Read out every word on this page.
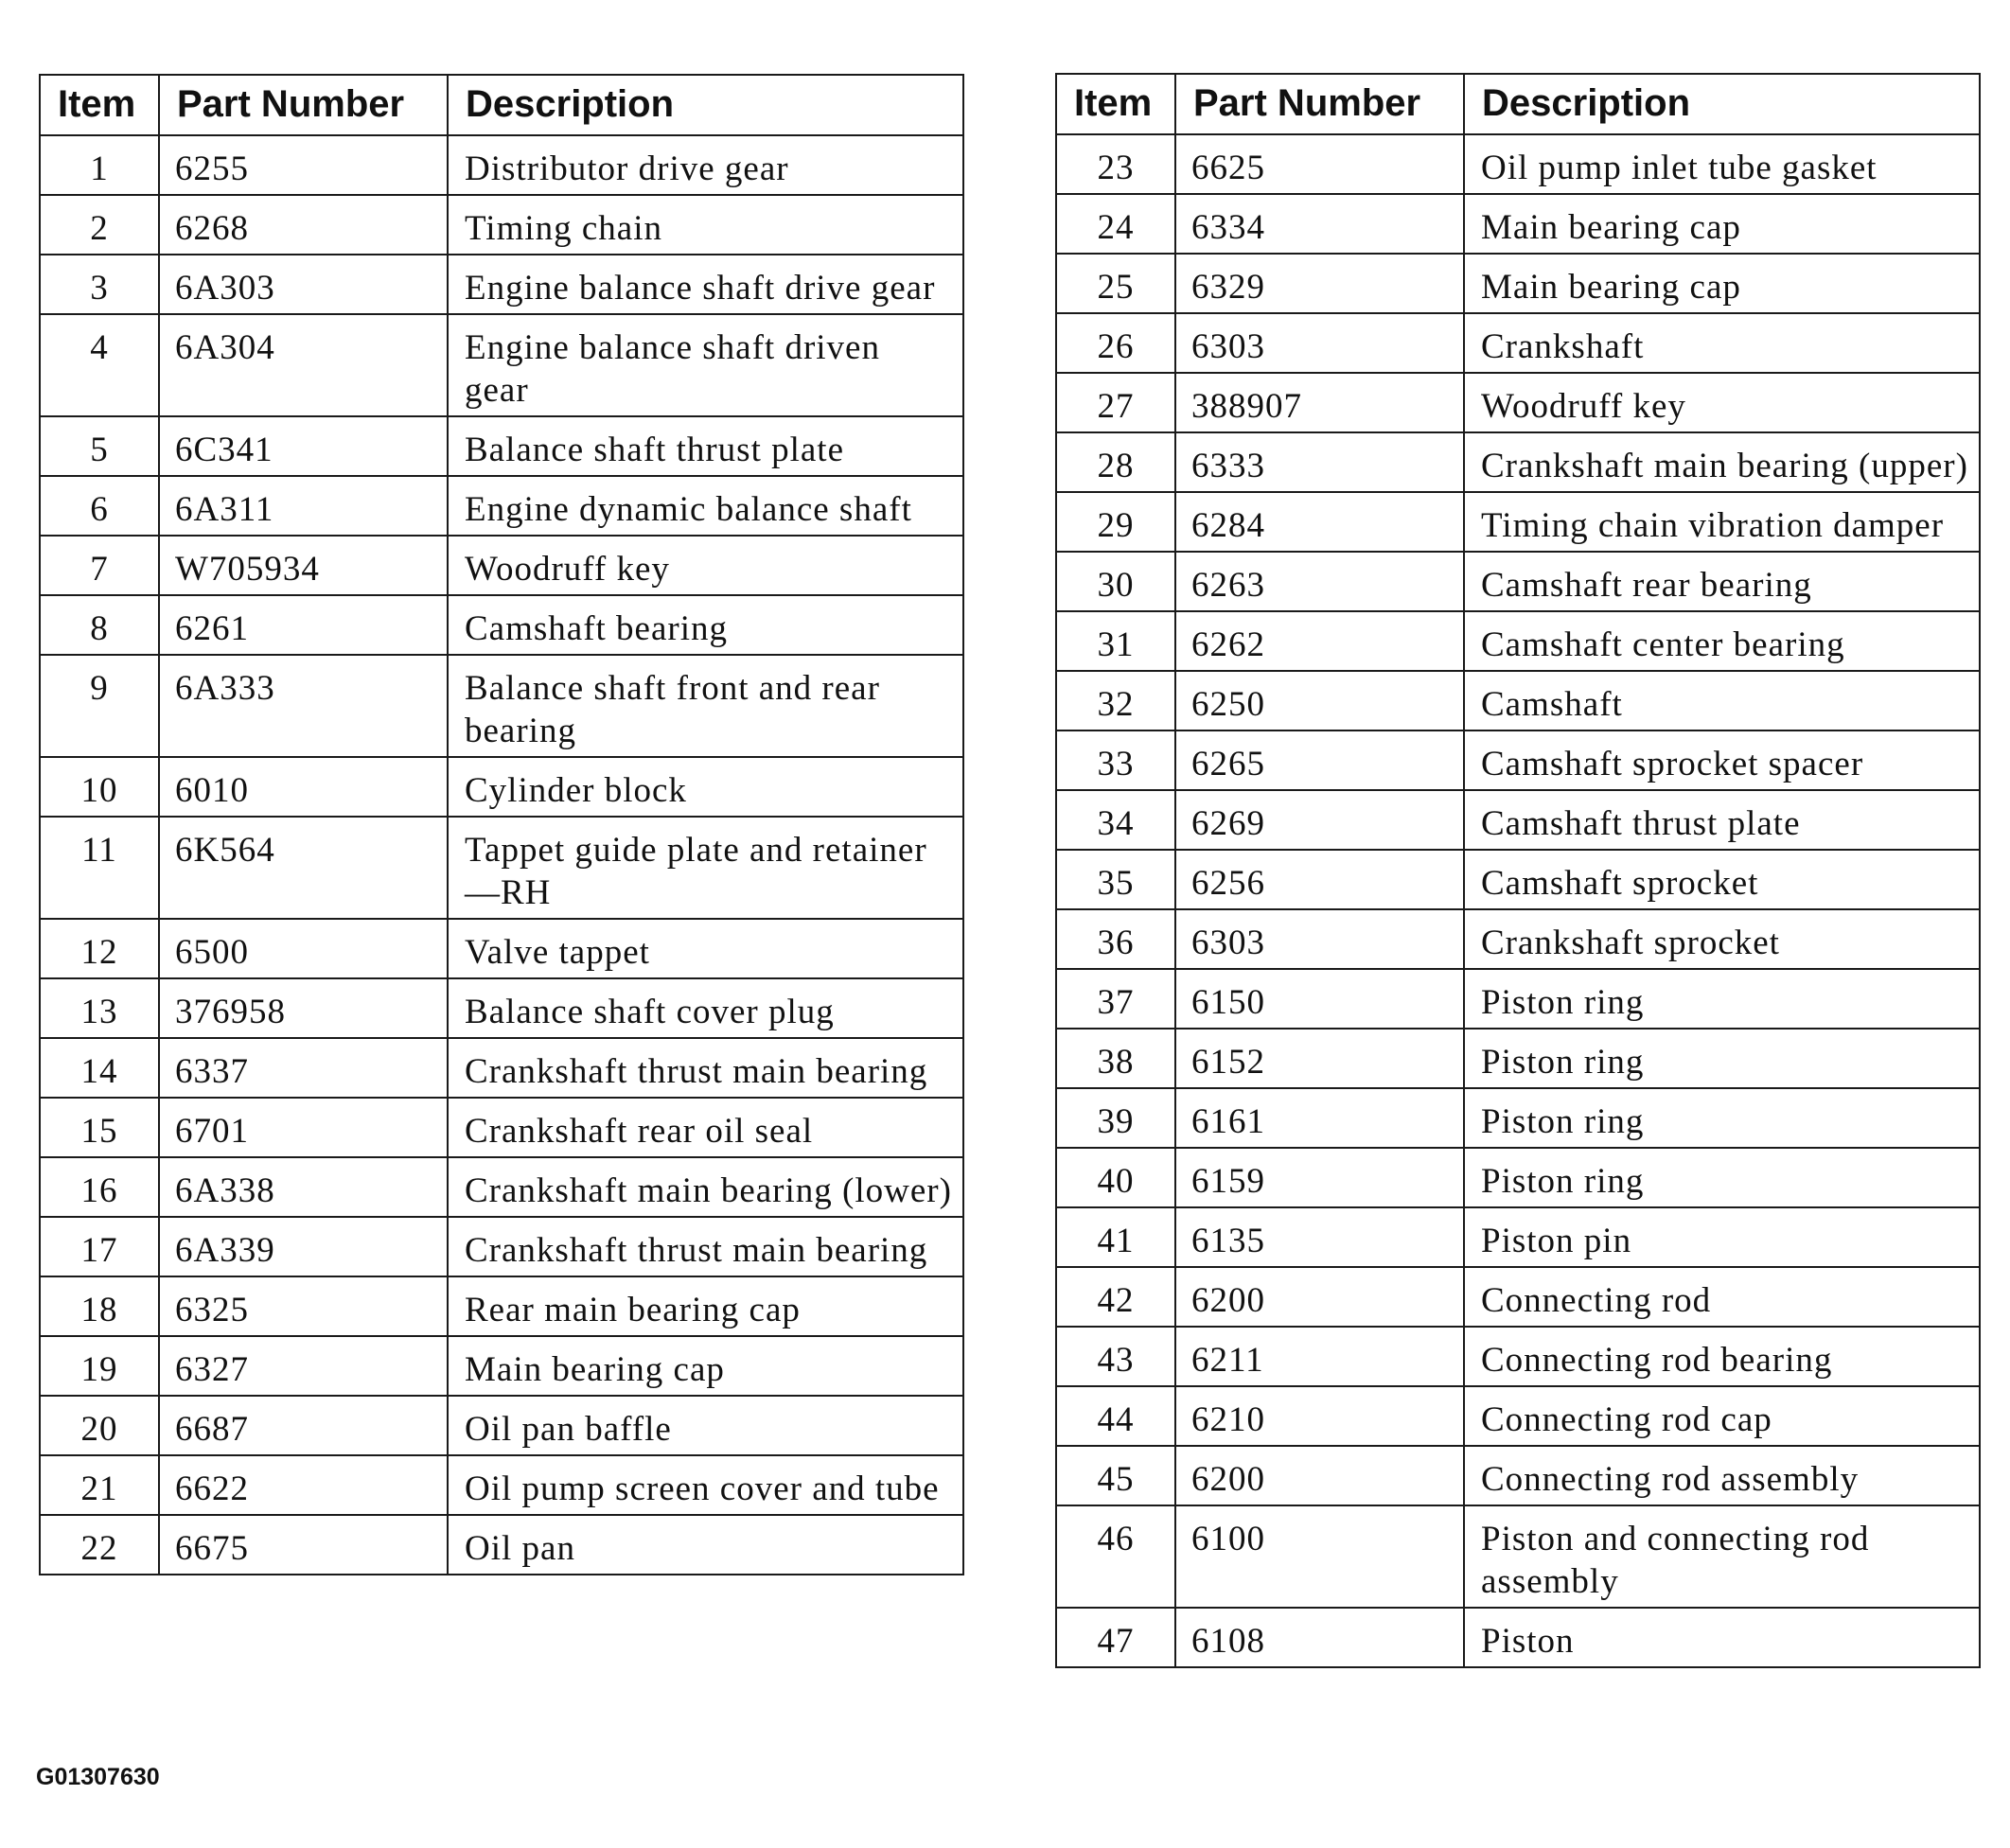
Item	Part Number	Description
1	6255	Distributor drive gear
2	6268	Timing chain
3	6A303	Engine balance shaft drive gear
4	6A304	Engine balance shaft driven gear
5	6C341	Balance shaft thrust plate
6	6A311	Engine dynamic balance shaft
7	W705934	Woodruff key
8	6261	Camshaft bearing
9	6A333	Balance shaft front and rear bearing
10	6010	Cylinder block
11	6K564	Tappet guide plate and retainer —RH
12	6500	Valve tappet
13	376958	Balance shaft cover plug
14	6337	Crankshaft thrust main bearing
15	6701	Crankshaft rear oil seal
16	6A338	Crankshaft main bearing (lower)
17	6A339	Crankshaft thrust main bearing
18	6325	Rear main bearing cap
19	6327	Main bearing cap
20	6687	Oil pan baffle
21	6622	Oil pump screen cover and tube
22	6675	Oil pan
Item	Part Number	Description
23	6625	Oil pump inlet tube gasket
24	6334	Main bearing cap
25	6329	Main bearing cap
26	6303	Crankshaft
27	388907	Woodruff key
28	6333	Crankshaft main bearing (upper)
29	6284	Timing chain vibration damper
30	6263	Camshaft rear bearing
31	6262	Camshaft center bearing
32	6250	Camshaft
33	6265	Camshaft sprocket spacer
34	6269	Camshaft thrust plate
35	6256	Camshaft sprocket
36	6303	Crankshaft sprocket
37	6150	Piston ring
38	6152	Piston ring
39	6161	Piston ring
40	6159	Piston ring
41	6135	Piston pin
42	6200	Connecting rod
43	6211	Connecting rod bearing
44	6210	Connecting rod cap
45	6200	Connecting rod assembly
46	6100	Piston and connecting rod assembly
47	6108	Piston
G01307630
